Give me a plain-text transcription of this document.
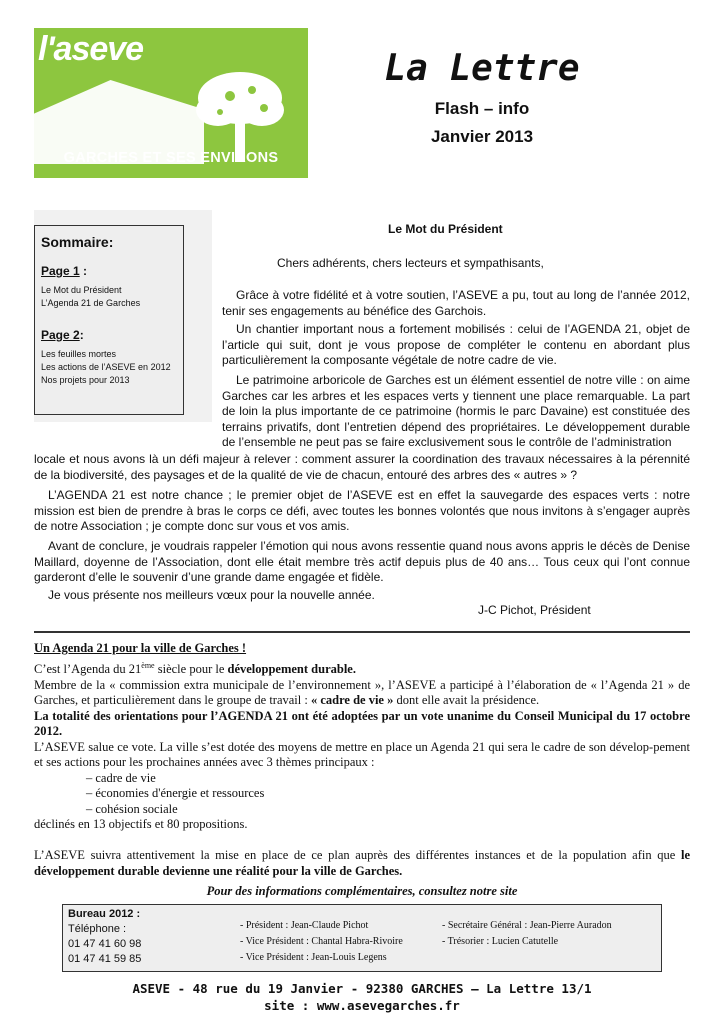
l'aseve
GARCHES ET SES ENVIRONS
La Lettre
Flash – info
Janvier 2013
Sommaire:
Page 1 :
Le Mot du Président
L’Agenda 21 de Garches
Page 2:
Les feuilles mortes
Les actions de l’ASEVE en 2012
Nos projets pour 2013
Le Mot du Président
Chers adhérents, chers lecteurs et sympathisants,
Grâce à votre fidélité et à votre soutien, l’ASEVE a pu, tout au long de l’année 2012, tenir ses engagements au bénéfice des Garchois.
Un chantier important nous a fortement mobilisés : celui de l’AGENDA 21, objet de l’article qui suit, dont je vous propose de compléter le contenu en abordant plus particulièrement la composante végétale de notre cadre de vie.
Le patrimoine arboricole de Garches est un élément essentiel de notre ville : on aime Garches car les arbres et les espaces verts y tiennent une place remarquable. La part de loin la plus importante de ce patrimoine (hormis le parc Davaine) est constituée des terrains privatifs, dont l’entretien dépend des propriétaires. Le développement durable de l’ensemble ne peut pas se faire exclusivement sous le contrôle de l’administration
locale et nous avons là un défi majeur à relever : comment assurer la coordination des travaux nécessaires à la pérennité de la biodiversité, des paysages et de la qualité de vie de chacun, entouré des arbres des « autres » ?
L’AGENDA 21 est notre chance ; le premier objet de l’ASEVE est en effet la sauvegarde des espaces verts : notre mission est bien de prendre à bras le corps ce défi, avec toutes les bonnes volontés que nous invitons à s’engager auprès de notre Association ; je compte donc sur vous et vos amis.
Avant de conclure, je voudrais rappeler l’émotion qui nous avons ressentie quand nous avons appris le décès de Denise Maillard, doyenne de l’Association, dont elle était membre très actif depuis plus de 40 ans… Tous ceux qui l’ont connue garderont d’elle le souvenir d’une grande dame engagée et fidèle.
Je vous présente nos meilleurs vœux pour la nouvelle année.
J-C Pichot, Président
Un Agenda 21 pour la ville de Garches !
C’est l’Agenda du 21ème siècle pour le développement durable.
Membre de la « commission extra municipale de l’environnement », l’ASEVE a participé à l’élaboration de « l’Agenda 21 » de Garches, et particulièrement dans le groupe de travail : « cadre de vie » dont elle avait la présidence.
La totalité des orientations pour l’AGENDA 21 ont été adoptées par un vote unanime du Conseil Municipal du 17 octobre 2012.
L’ASEVE salue ce vote. La ville s’est dotée des moyens de mettre en place un Agenda 21 qui sera le cadre de son dévelop-pement et ses actions pour les prochaines années avec 3 thèmes principaux :
– cadre de vie
– économies d'énergie et ressources
– cohésion sociale
déclinés en 13 objectifs et 80 propositions.
L’ASEVE suivra attentivement la mise en place de ce plan auprès des différentes instances et de la population afin que le développement durable devienne une réalité pour la ville de Garches.
Pour des informations complémentaires, consultez notre site
Bureau 2012 :
Téléphone :
01 47 41 60 98
01 47 41 59 85
- Président : Jean-Claude Pichot
- Vice Président : Chantal Habra-Rivoire
- Vice Président : Jean-Louis Legens
- Secrétaire Général : Jean-Pierre Auradon
- Trésorier : Lucien Catutelle
ASEVE - 48 rue du 19 Janvier - 92380 GARCHES – La Lettre 13/1
site : www.asevegarches.fr
